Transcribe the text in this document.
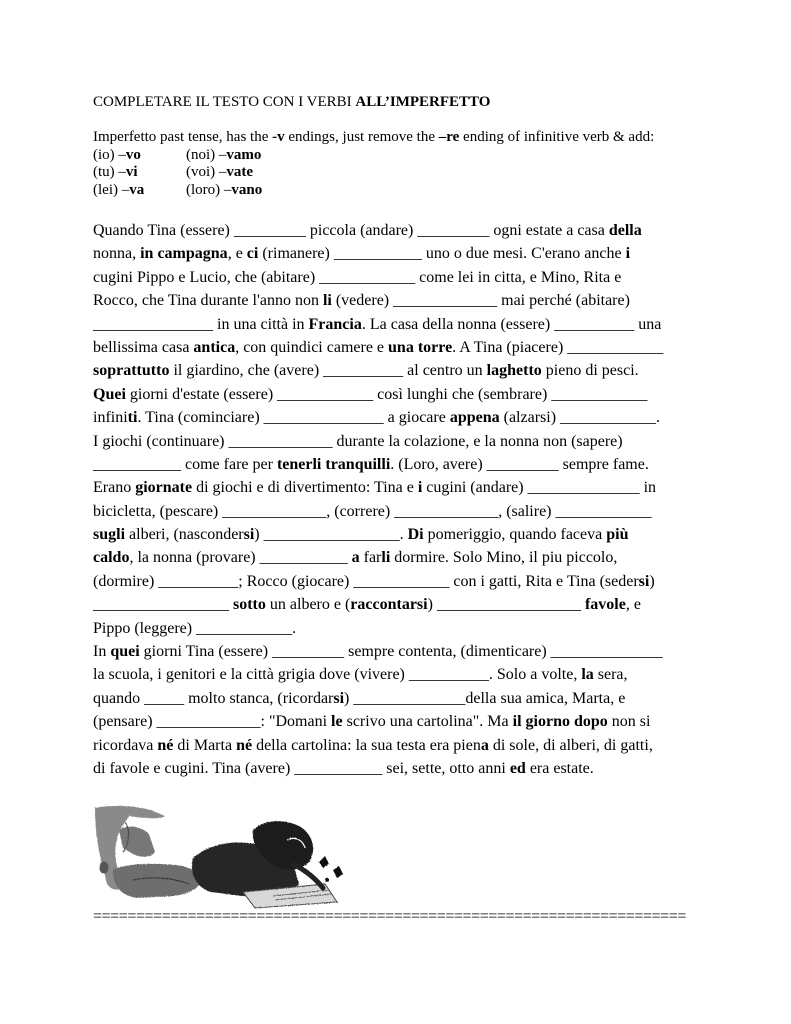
COMPLETARE IL TESTO CON I VERBI ALL’IMPERFETTO
Imperfetto past tense, has the -v endings, just remove the –re ending of infinitive verb & add:
(io) –vo	(noi) –vamo
(tu) –vi	(voi) –vate
(lei) –va	(loro) –vano
Quando Tina (essere) _________ piccola (andare) _________ ogni estate a casa della
nonna, in campagna, e ci (rimanere) ___________ uno o due mesi. C'erano anche i
cugini Pippo e Lucio, che (abitare) ____________ come lei in citta, e Mino, Rita e
Rocco, che Tina durante l'anno non li (vedere) _____________ mai perché (abitare)
_______________ in una città in Francia. La casa della nonna (essere) __________ una
bellissima casa antica, con quindici camere e una torre. A Tina (piacere) ____________
soprattutto il giardino, che (avere) __________ al centro un laghetto pieno di pesci.
Quei giorni d'estate (essere) ____________ così lunghi che (sembrare) ____________
infiniti. Tina (cominciare) _______________ a giocare appena (alzarsi) ____________.
I giochi (continuare) _____________ durante la colazione, e la nonna non (sapere)
___________ come fare per tenerli tranquilli. (Loro, avere) _________ sempre fame.
Erano giornate di giochi e di divertimento: Tina e i cugini (andare) ______________ in
bicicletta, (pescare) _____________, (correre) _____________, (salire) ____________
sugli alberi, (nascondersi) _________________. Di pomeriggio, quando faceva più
caldo, la nonna (provare) ___________ a farli dormire. Solo Mino, il piu piccolo,
(dormire) __________; Rocco (giocare) ____________ con i gatti, Rita e Tina (sedersi)
_________________ sotto un albero e (raccontarsi) __________________ favole, e
Pippo (leggere) ____________.
In quei giorni Tina (essere) _________ sempre contenta, (dimenticare) ______________
la scuola, i genitori e la città grigia dove (vivere) __________. Solo a volte, la sera,
quando _____ molto stanca, (ricordarsi) ______________della sua amica, Marta, e
(pensare) _____________: "Domani le scrivo una cartolina". Ma il giorno dopo non si
ricordava né di Marta né della cartolina: la sua testa era piena di sole, di alberi, di gatti,
di favole e cugini. Tina (avere) ___________ sei, sette, otto anni ed era estate.
=====================================================================
